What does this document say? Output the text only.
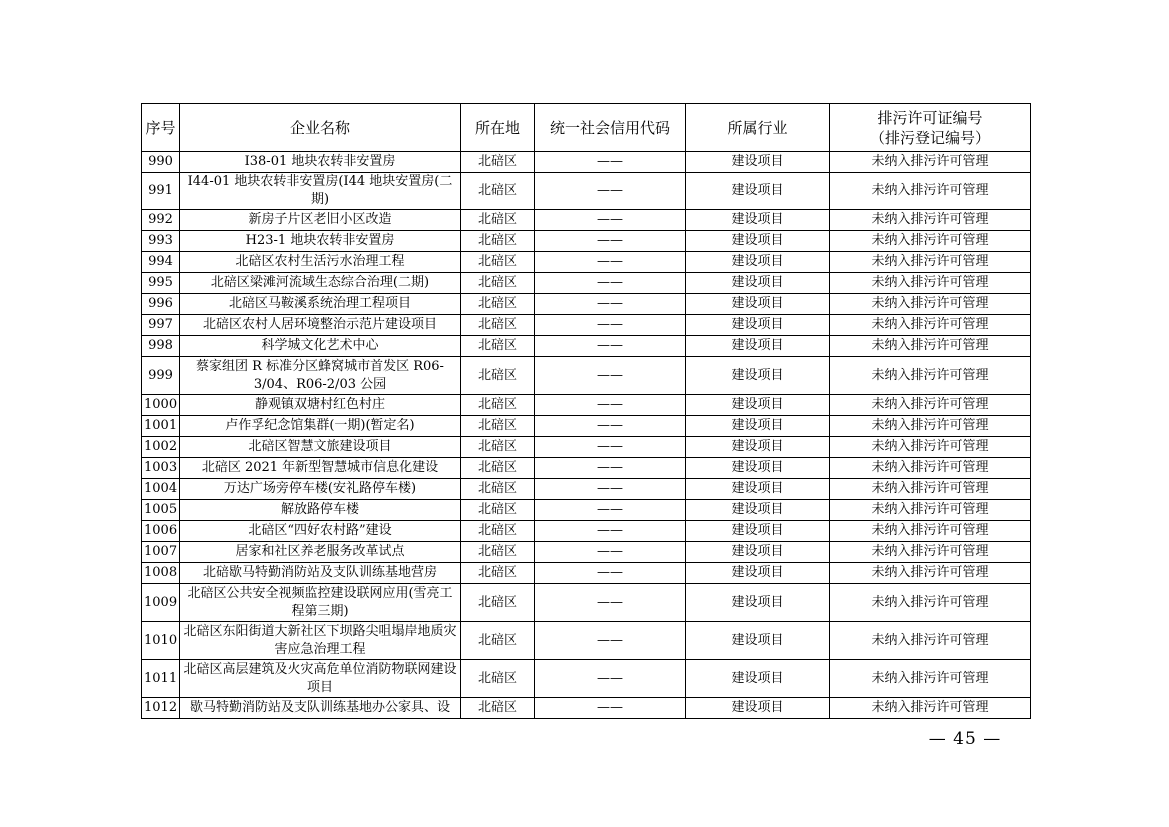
序号	企业名称	所在地	统一社会信用代码	所属行业	排污许可证编号
（排污登记编号）

990	I38-01 地块农转非安置房	北碚区	——	建设项目	未纳入排污许可管理
991	I44-01 地块农转非安置房(I44 地块安置房(二期)	北碚区	——	建设项目	未纳入排污许可管理
992	新房子片区老旧小区改造	北碚区	——	建设项目	未纳入排污许可管理
993	H23-1 地块农转非安置房	北碚区	——	建设项目	未纳入排污许可管理
994	北碚区农村生活污水治理工程	北碚区	——	建设项目	未纳入排污许可管理
995	北碚区梁滩河流域生态综合治理(二期)	北碚区	——	建设项目	未纳入排污许可管理
996	北碚区马鞍溪系统治理工程项目	北碚区	——	建设项目	未纳入排污许可管理
997	北碚区农村人居环境整治示范片建设项目	北碚区	——	建设项目	未纳入排污许可管理
998	科学城文化艺术中心	北碚区	——	建设项目	未纳入排污许可管理
999	蔡家组团 R 标准分区蜂窝城市首发区 R06-3/04、R06-2/03 公园	北碚区	——	建设项目	未纳入排污许可管理
1000	静观镇双塘村红色村庄	北碚区	——	建设项目	未纳入排污许可管理
1001	卢作孚纪念馆集群(一期)(暂定名)	北碚区	——	建设项目	未纳入排污许可管理
1002	北碚区智慧文旅建设项目	北碚区	——	建设项目	未纳入排污许可管理
1003	北碚区 2021 年新型智慧城市信息化建设	北碚区	——	建设项目	未纳入排污许可管理
1004	万达广场旁停车楼(安礼路停车楼)	北碚区	——	建设项目	未纳入排污许可管理
1005	解放路停车楼	北碚区	——	建设项目	未纳入排污许可管理
1006	北碚区“四好农村路”建设	北碚区	——	建设项目	未纳入排污许可管理
1007	居家和社区养老服务改革试点	北碚区	——	建设项目	未纳入排污许可管理
1008	北碚歇马特勤消防站及支队训练基地营房	北碚区	——	建设项目	未纳入排污许可管理
1009	北碚区公共安全视频监控建设联网应用(雪亮工程第三期)	北碚区	——	建设项目	未纳入排污许可管理
1010	北碚区东阳街道大新社区下坝路尖咀塌岸地质灾害应急治理工程	北碚区	——	建设项目	未纳入排污许可管理
1011	北碚区高层建筑及火灾高危单位消防物联网建设项目	北碚区	——	建设项目	未纳入排污许可管理
1012	歇马特勤消防站及支队训练基地办公家具、设	北碚区	——	建设项目	未纳入排污许可管理
— 45 —
